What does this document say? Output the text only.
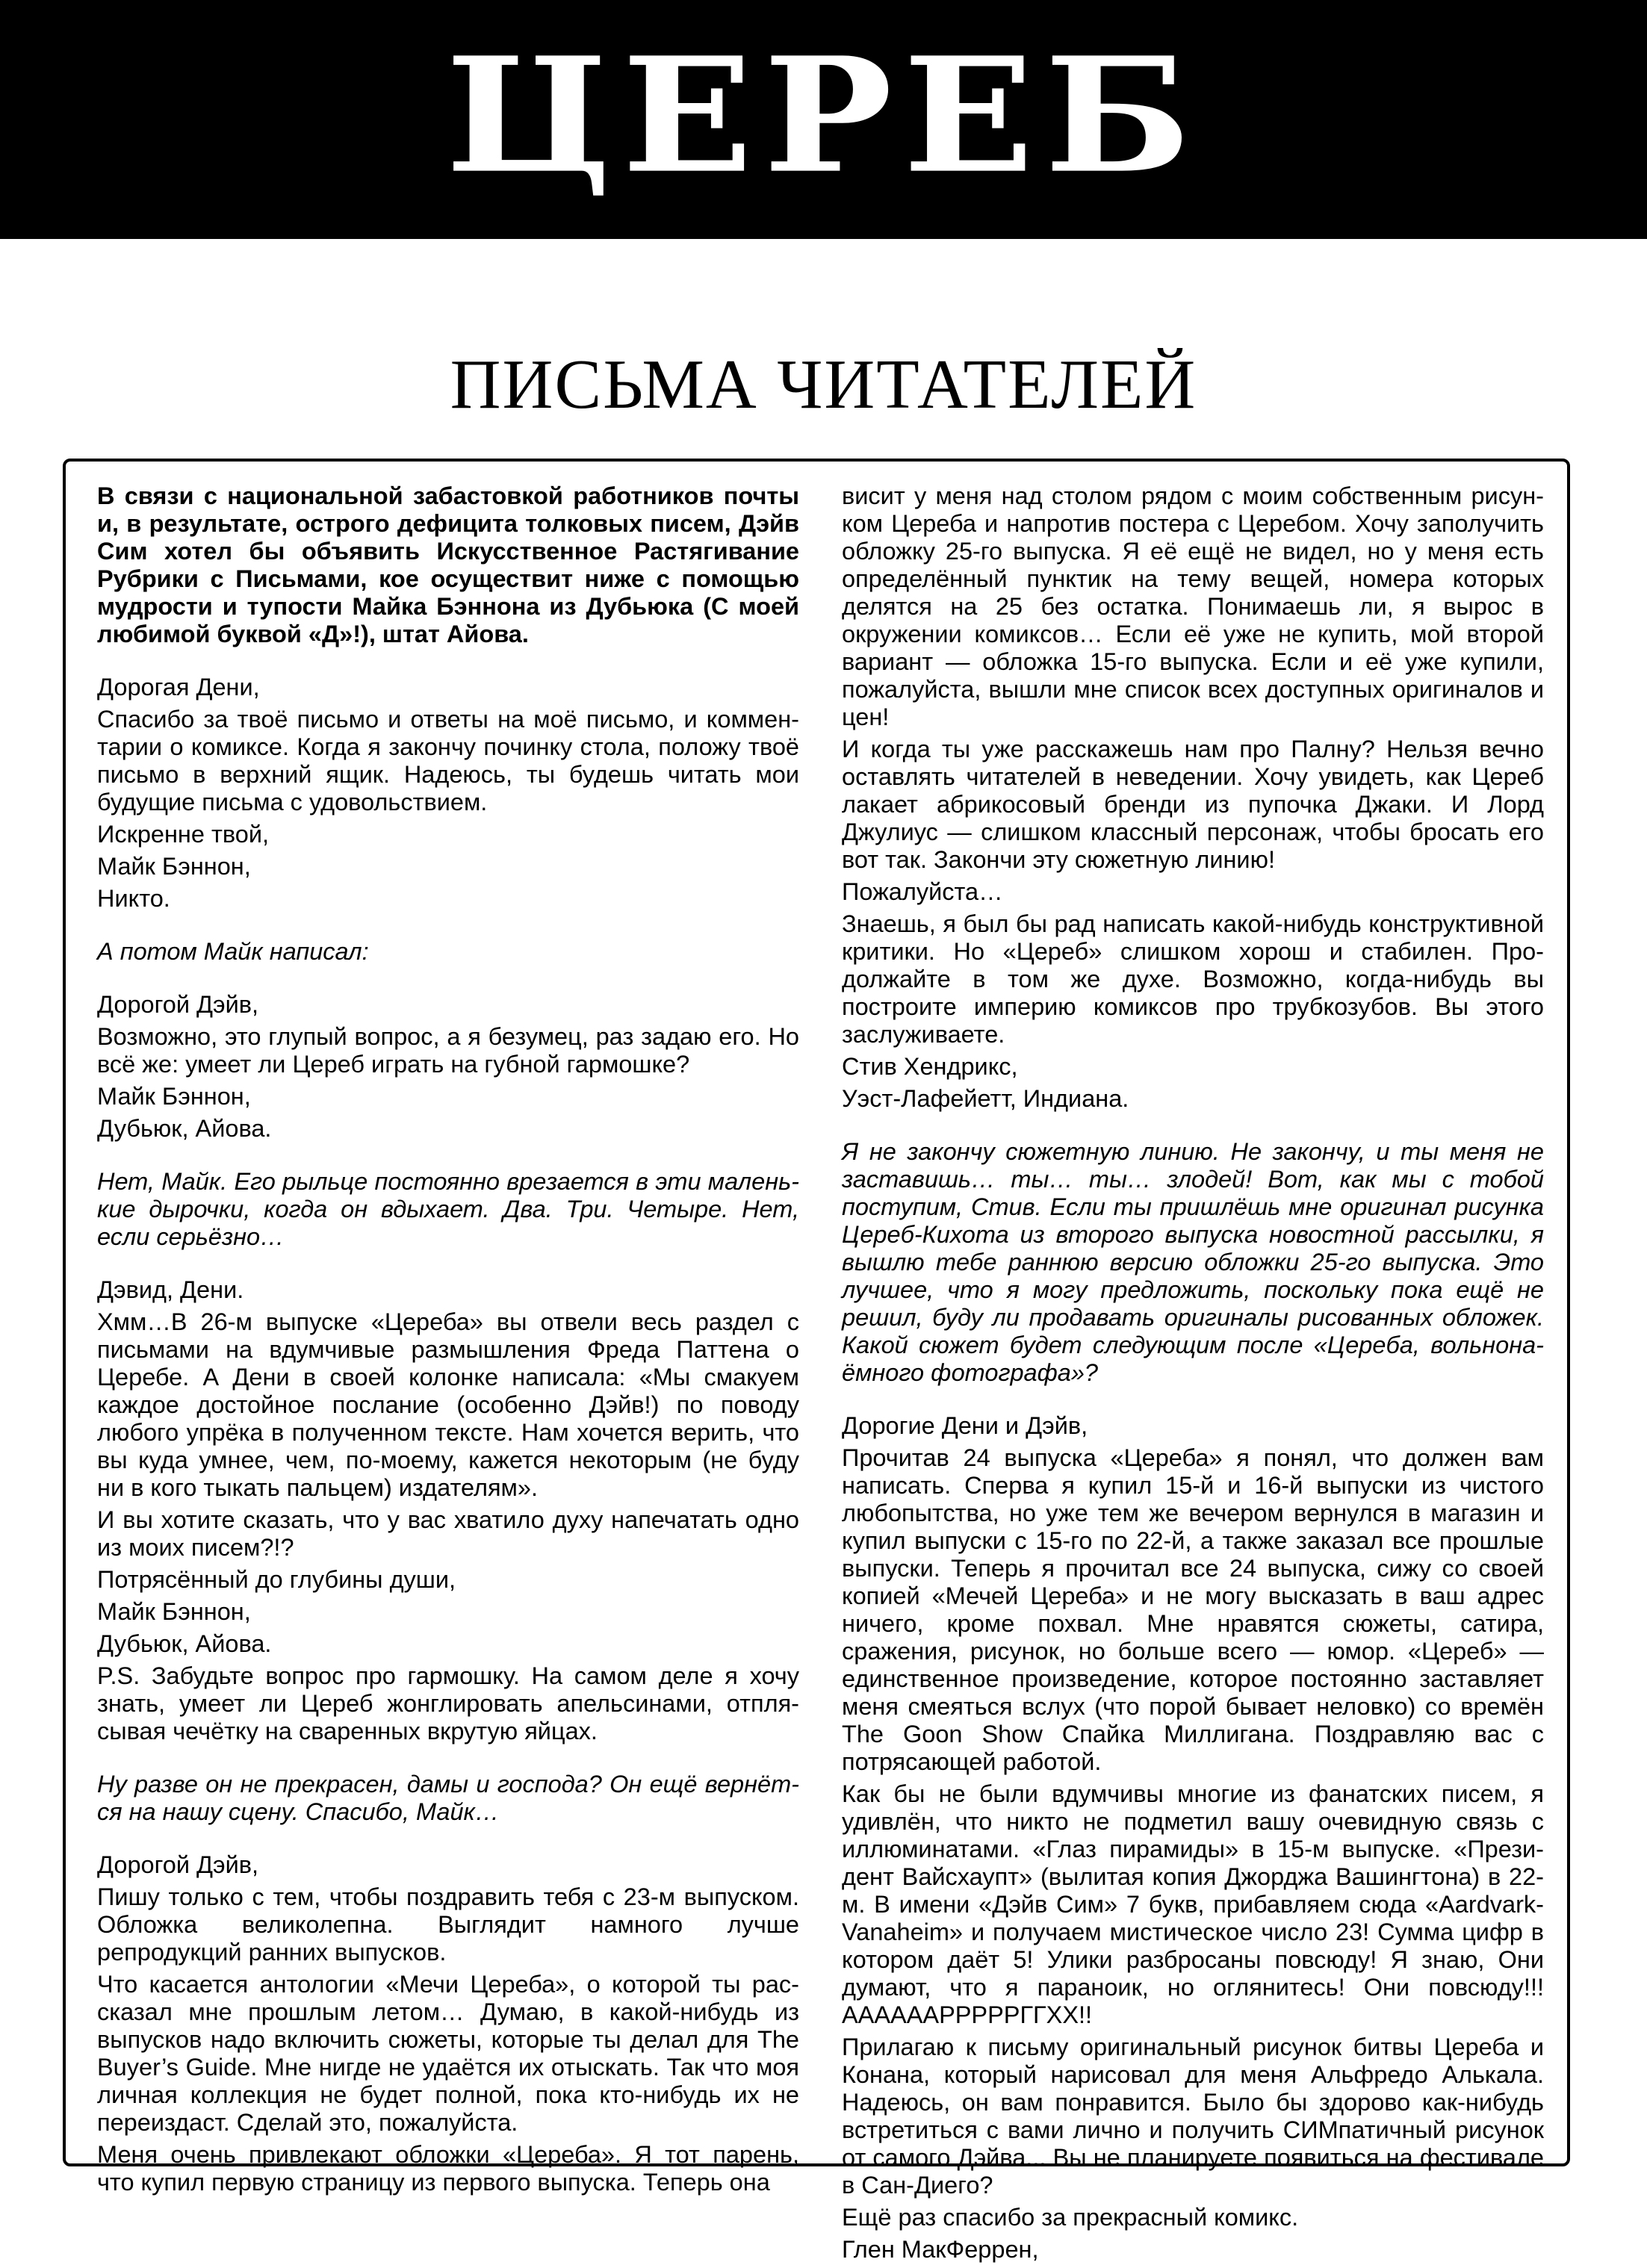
ЦЕРЕБ
ПИСЬМА ЧИТАТЕЛЕЙ

В связи с национальной забастовкой работников почты и, в результате, острого дефицита толковых писем, Дэйв Сим хотел бы объявить Искусственное Растягивание Рубрики с Письмами, кое осуществит ниже с помощью мудрости и тупости Майка Бэннона из Дубьюка (С моей любимой буквой «Д»!), штат Айова.

Дорогая Дени,

Спасибо за твоё письмо и ответы на моё письмо, и комментарии о комиксе. Когда я закончу починку стола, положу твоё письмо в верхний ящик. Надеюсь, ты будешь читать мои будущие письма с удовольствием.

Искренне твой,

Майк Бэннон,

Никто.

А потом Майк написал:

Дорогой Дэйв,

Возможно, это глупый вопрос, а я безумец, раз задаю его. Но всё же: умеет ли Цереб играть на губной гармошке?

Майк Бэннон,

Дубьюк, Айова.

Нет, Майк. Его рыльце постоянно врезается в эти маленькие дырочки, когда он вдыхает. Два. Три. Четыре. Нет, если серьёзно…

Дэвид, Дени.

Хмм…В 26-м выпуске «Цереба» вы отвели весь раздел с письмами на вдумчивые размышления Фреда Паттена о Церебе. А Дени в своей колонке написала: «Мы смакуем каждое достойное послание (особенно Дэйв!) по поводу любого упрёка в полученном тексте. Нам хочется верить, что вы куда умнее, чем, по-моему, кажется некоторым (не буду ни в кого тыкать пальцем) издателям».

И вы хотите сказать, что у вас хватило духу напечатать одно из моих писем?!?

Потрясённый до глубины души,

Майк Бэннон,

Дубьюк, Айова.

P.S. Забудьте вопрос про гармошку. На самом деле я хочу знать, умеет ли Цереб жонглировать апельсинами, отплясывая чечётку на сваренных вкрутую яйцах.

Ну разве он не прекрасен, дамы и господа? Он ещё вернётся на нашу сцену. Спасибо, Майк…

Дорогой Дэйв,

Пишу только с тем, чтобы поздравить тебя с 23-м выпуском. Обложка великолепна. Выглядит намного лучше репродукций ранних выпусков.

Что касается антологии «Мечи Цереба», о которой ты рассказал мне прошлым летом… Думаю, в какой-нибудь из выпусков надо включить сюжеты, которые ты делал для The Buyer’s Guide. Мне нигде не удаётся их отыскать. Так что моя личная коллекция не будет полной, пока кто-нибудь их не переиздаст. Сделай это, пожалуйста.

Меня очень привлекают обложки «Цереба». Я тот парень, что купил первую страницу из первого выпуска. Теперь она

висит у меня над столом рядом с моим собственным рисунком Цереба и напротив постера с Церебом. Хочу заполучить обложку 25-го выпуска. Я её ещё не видел, но у меня есть определённый пунктик на тему вещей, номера которых делятся на 25 без остатка. Понимаешь ли, я вырос в окружении комиксов… Если её уже не купить, мой второй вариант — обложка 15-го выпуска. Если и её уже купили, пожалуйста, вышли мне список всех доступных оригиналов и цен!

И когда ты уже расскажешь нам про Палну? Нельзя вечно оставлять читателей в неведении. Хочу увидеть, как Цереб лакает абрикосовый бренди из пупочка Джаки. И Лорд Джулиус — слишком классный персонаж, чтобы бросать его вот так. Закончи эту сюжетную линию!

Пожалуйста…

Знаешь, я был бы рад написать какой-нибудь конструктивной критики. Но «Цереб» слишком хорош и стабилен. Продолжайте в том же духе. Возможно, когда-нибудь вы построите империю комиксов про трубкозубов. Вы этого заслуживаете.

Стив Хендрикс,

Уэст-Лафейетт, Индиана.

Я не закончу сюжетную линию. Не закончу, и ты меня не заставишь… ты… ты… злодей! Вот, как мы с тобой поступим, Стив. Если ты пришлёшь мне оригинал рисунка Цереб-Кихота из второго выпуска новостной рассылки, я вышлю тебе раннюю версию обложки 25-го выпуска. Это лучшее, что я могу предложить, поскольку пока ещё не решил, буду ли продавать оригиналы рисованных обложек. Какой сюжет будет следующим после «Цереба, вольнонаёмного фотографа»?

Дорогие Дени и Дэйв,

Прочитав 24 выпуска «Цереба» я понял, что должен вам написать. Сперва я купил 15-й и 16-й выпуски из чистого любопытства, но уже тем же вечером вернулся в магазин и купил выпуски с 15-го по 22-й, а также заказал все прошлые выпуски. Теперь я прочитал все 24 выпуска, сижу со своей копией «Мечей Цереба» и не могу высказать в ваш адрес ничего, кроме похвал. Мне нравятся сюжеты, сатира, сражения, рисунок, но больше всего — юмор. «Цереб» — единственное произведение, которое постоянно заставляет меня смеяться вслух (что порой бывает неловко) со времён The Goon Show Спайка Миллигана. Поздравляю вас с потрясающей работой.

Как бы не были вдумчивы многие из фанатских писем, я удивлён, что никто не подметил вашу очевидную связь с иллюминатами. «Глаз пирамиды» в 15-м выпуске. «Президент Вайсхаупт» (вылитая копия Джорджа Вашингтона) в 22-м. В имени «Дэйв Сим» 7 букв, прибавляем сюда «Aardvark-Vanaheim» и получаем мистическое число 23! Сумма цифр в котором даёт 5! Улики разбросаны повсюду! Я знаю, Они думают, что я параноик, но оглянитесь! Они повсюду!!! ААААААРРРРРГГХХ!!

Прилагаю к письму оригинальный рисунок битвы Цереба и Конана, который нарисовал для меня Альфредо Алькала. Надеюсь, он вам понравится. Было бы здорово как-нибудь встретиться с вами лично и получить СИМпатичный рисунок от самого Дэйва... Вы не планируете появиться на фестивале в Сан-Диего?

Ещё раз спасибо за прекрасный комикс.

Глен МакФеррен,
